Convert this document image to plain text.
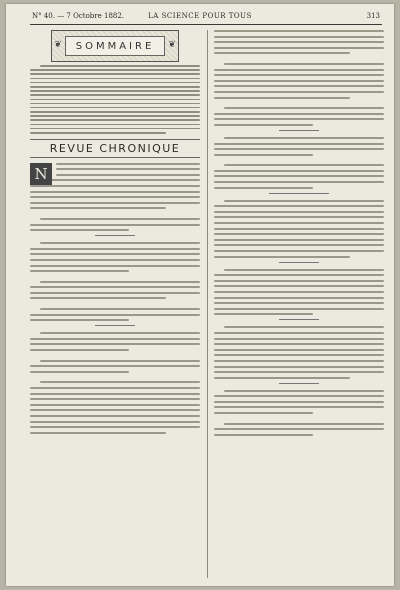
N° 40. — 7 Octobre 1882.	LA SCIENCE POUR TOUS	313
❦	❦
SOMMAIRE
REVUE CHRONIQUE
N
